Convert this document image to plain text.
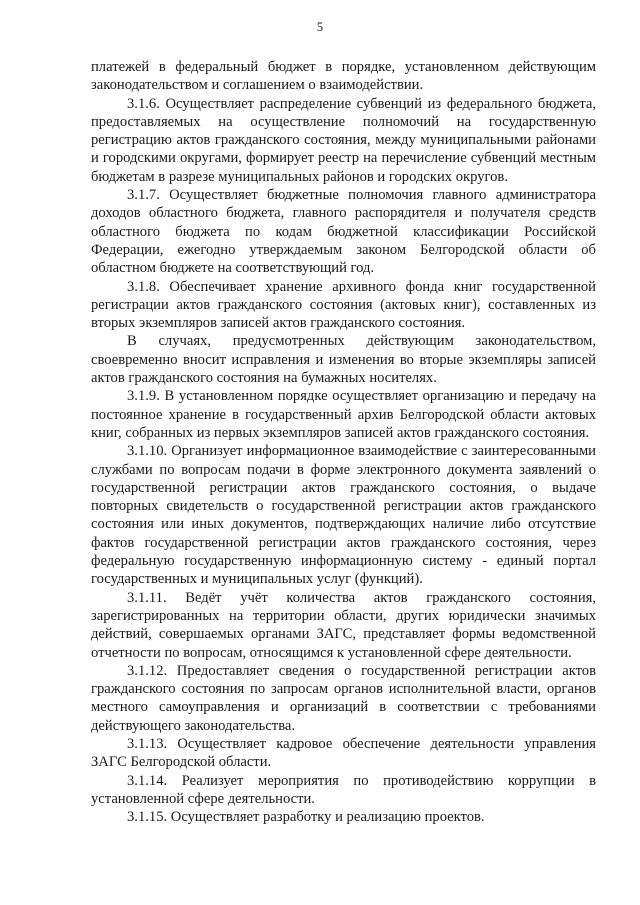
5

платежей в федеральный бюджет в порядке, установленном действующим законодательством и соглашением о взаимодействии.

3.1.6. Осуществляет распределение субвенций из федерального бюджета, предоставляемых на осуществление полномочий на государственную регистрацию актов гражданского состояния, между муниципальными районами и городскими округами, формирует реестр на перечисление субвенций местным бюджетам в разрезе муниципальных районов и городских округов.

3.1.7. Осуществляет бюджетные полномочия главного администратора доходов областного бюджета, главного распорядителя и получателя средств областного бюджета по кодам бюджетной классификации Российской Федерации, ежегодно утверждаемым законом Белгородской области об областном бюджете на соответствующий год.

3.1.8. Обеспечивает хранение архивного фонда книг государственной регистрации актов гражданского состояния (актовых книг), составленных из вторых экземпляров записей актов гражданского состояния.

В случаях, предусмотренных действующим законодательством, своевременно вносит исправления и изменения во вторые экземпляры записей актов гражданского состояния на бумажных носителях.

3.1.9. В установленном порядке осуществляет организацию и передачу на постоянное хранение в государственный архив Белгородской области актовых книг, собранных из первых экземпляров записей актов гражданского состояния.

3.1.10. Организует информационное взаимодействие с заинтересованными службами по вопросам подачи в форме электронного документа заявлений о государственной регистрации актов гражданского состояния, о выдаче повторных свидетельств о государственной регистрации актов гражданского состояния или иных документов, подтверждающих наличие либо отсутствие фактов государственной регистрации актов гражданского состояния, через федеральную государственную информационную систему - единый портал государственных и муниципальных услуг (функций).

3.1.11. Ведёт учёт количества актов гражданского состояния, зарегистрированных на территории области, других юридически значимых действий, совершаемых органами ЗАГС, представляет формы ведомственной отчетности по вопросам, относящимся к установленной сфере деятельности.

3.1.12. Предоставляет сведения о государственной регистрации актов гражданского состояния по запросам органов исполнительной власти, органов местного самоуправления и организаций в соответствии с требованиями действующего законодательства.

3.1.13. Осуществляет кадровое обеспечение деятельности управления ЗАГС Белгородской области.

3.1.14. Реализует мероприятия по противодействию коррупции в установленной сфере деятельности.

3.1.15. Осуществляет разработку и реализацию проектов.
